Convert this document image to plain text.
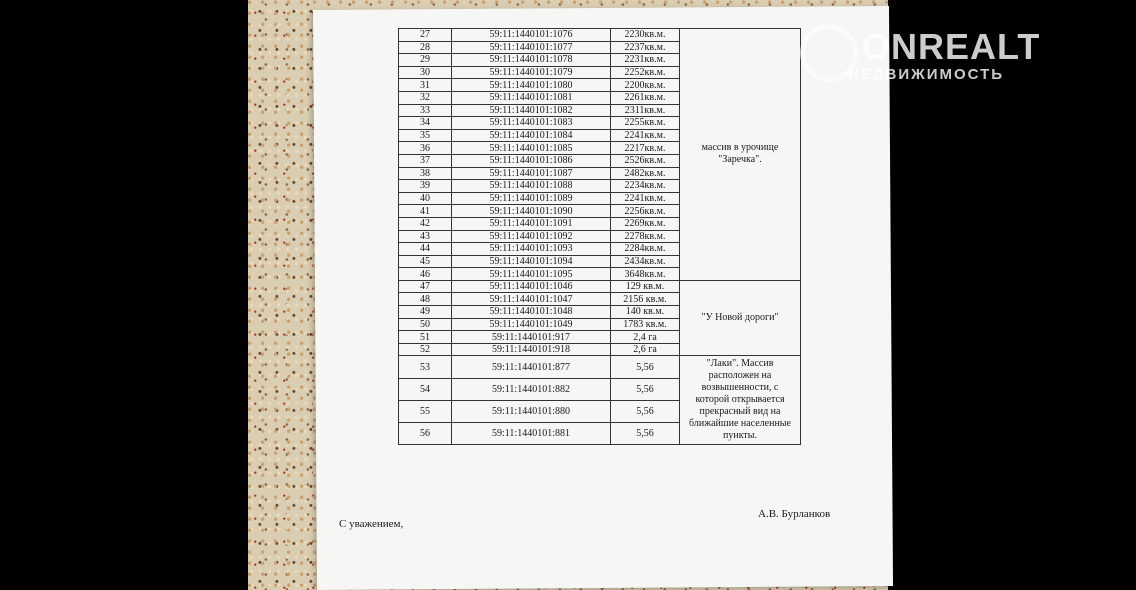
27	59:11:1440101:1076	2230кв.м.	массив в урочище "Заречка".
28	59:11:1440101:1077	2237кв.м.	
29	59:11:1440101:1078	2231кв.м.	
30	59:11:1440101:1079	2252кв.м.	
31	59:11:1440101:1080	2200кв.м.	
32	59:11:1440101:1081	2261кв.м.	
33	59:11:1440101:1082	2311кв.м.	
34	59:11:1440101:1083	2255кв.м.	
35	59:11:1440101:1084	2241кв.м.	
36	59:11:1440101:1085	2217кв.м.	
37	59:11:1440101:1086	2526кв.м.	
38	59:11:1440101:1087	2482кв.м.	
39	59:11:1440101:1088	2234кв.м.	
40	59:11:1440101:1089	2241кв.м.	
41	59:11:1440101:1090	2256кв.м.	
42	59:11:1440101:1091	2269кв.м.	
43	59:11:1440101:1092	2278кв.м.	
44	59:11:1440101:1093	2284кв.м.	
45	59:11:1440101:1094	2434кв.м.	
46	59:11:1440101:1095	3648кв.м.	
47	59:11:1440101:1046	129 кв.м.	"У Новой дороги"
48	59:11:1440101:1047	2156 кв.м.	
49	59:11:1440101:1048	140 кв.м.	
50	59:11:1440101:1049	1783 кв.м.	
51	59:11:1440101:917	2,4 га	
52	59:11:1440101:918	2,6 га	
53	59:11:1440101:877	5,56	"Лаки". Массив расположен на возвышенности, с которой открывается прекрасный вид на ближайшие населенные пункты.
54	59:11:1440101:882	5,56	
55	59:11:1440101:880	5,56	
56	59:11:1440101:881	5,56	
С уважением,
А.В. Бурланков
ONREALT
НЕДВИЖИМОСТЬ
